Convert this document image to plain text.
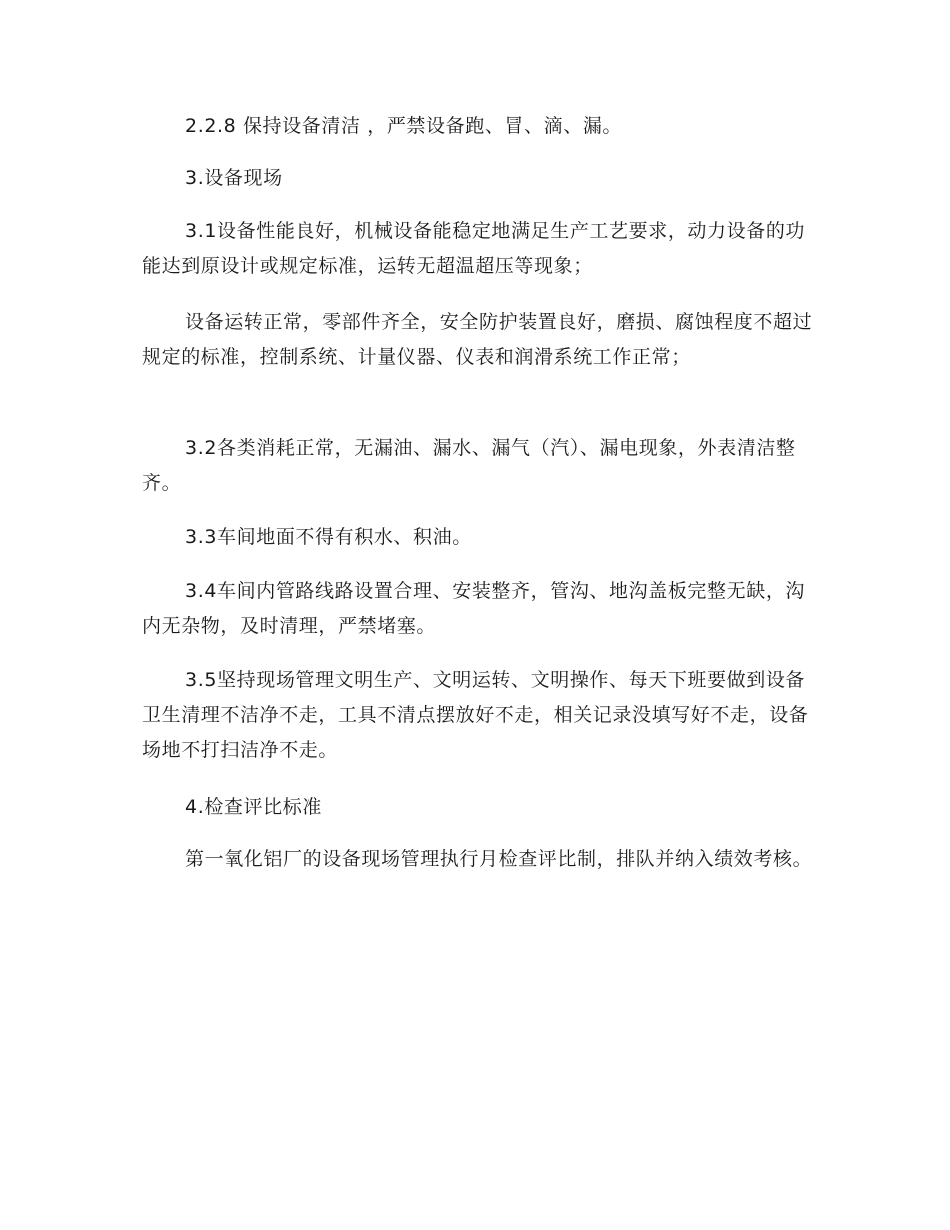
2.2.8 保持设备清洁 ，严禁设备跑、冒、滴、漏。

3.设备现场

3.1设备性能良好，机械设备能稳定地满足生产工艺要求，动力设备的功能达到原设计或规定标准，运转无超温超压等现象；

设备运转正常，零部件齐全，安全防护装置良好，磨损、腐蚀程度不超过规定的标准，控制系统、计量仪器、仪表和润滑系统工作正常；

3.2各类消耗正常，无漏油、漏水、漏气（汽）、漏电现象，外表清洁整齐。

3.3车间地面不得有积水、积油。

3.4车间内管路线路设置合理、安装整齐，管沟、地沟盖板完整无缺，沟内无杂物，及时清理，严禁堵塞。

3.5坚持现场管理文明生产、文明运转、文明操作、每天下班要做到设备卫生清理不洁净不走，工具不清点摆放好不走，相关记录没填写好不走，设备场地不打扫洁净不走。

4.检查评比标准

第一氧化铝厂的设备现场管理执行月检查评比制，排队并纳入绩效考核。
